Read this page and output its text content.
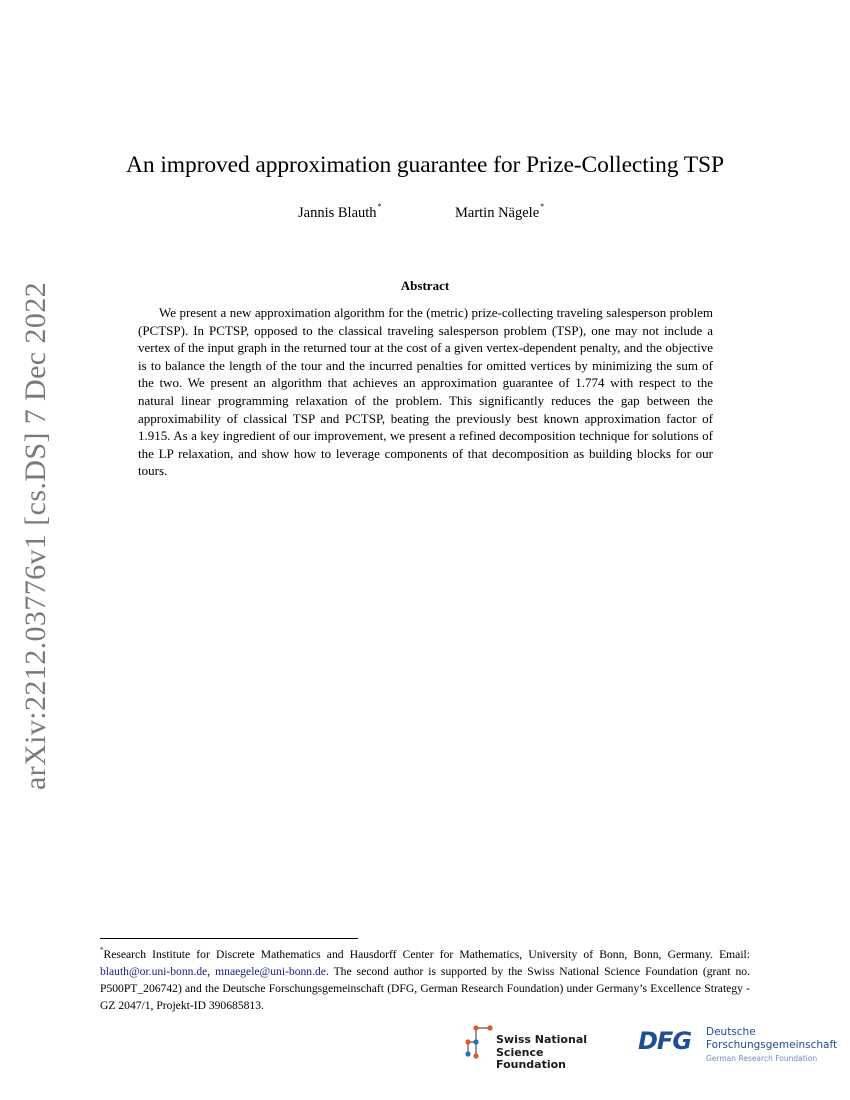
arXiv:2212.03776v1 [cs.DS] 7 Dec 2022
An improved approximation guarantee for Prize-Collecting TSP
Jannis Blauth*	Martin Nägele*
Abstract

We present a new approximation algorithm for the (metric) prize-collecting traveling salesperson problem (PCTSP). In PCTSP, opposed to the classical traveling salesperson problem (TSP), one may not include a vertex of the input graph in the returned tour at the cost of a given vertex-dependent penalty, and the objective is to balance the length of the tour and the incurred penalties for omitted vertices by minimizing the sum of the two. We present an algorithm that achieves an approximation guarantee of 1.774 with respect to the natural linear programming relaxation of the problem. This significantly reduces the gap between the approximability of classical TSP and PCTSP, beating the previously best known approximation factor of 1.915. As a key ingredient of our improvement, we present a refined decomposition technique for solutions of the LP relaxation, and show how to leverage components of that decomposition as building blocks for our tours.

*Research Institute for Discrete Mathematics and Hausdorff Center for Mathematics, University of Bonn, Bonn, Germany. Email: blauth@or.uni-bonn.de, mnaegele@uni-bonn.de. The second author is supported by the Swiss National Science Foundation (grant no. P500PT_206742) and the Deutsche Forschungsgemeinschaft (DFG, German Research Foundation) under Germany’s Excellence Strategy - GZ 2047/1, Projekt-ID 390685813.

Swiss National
Science Foundation
DFG Deutsche
Forschungsgemeinschaft
German Research Foundation
